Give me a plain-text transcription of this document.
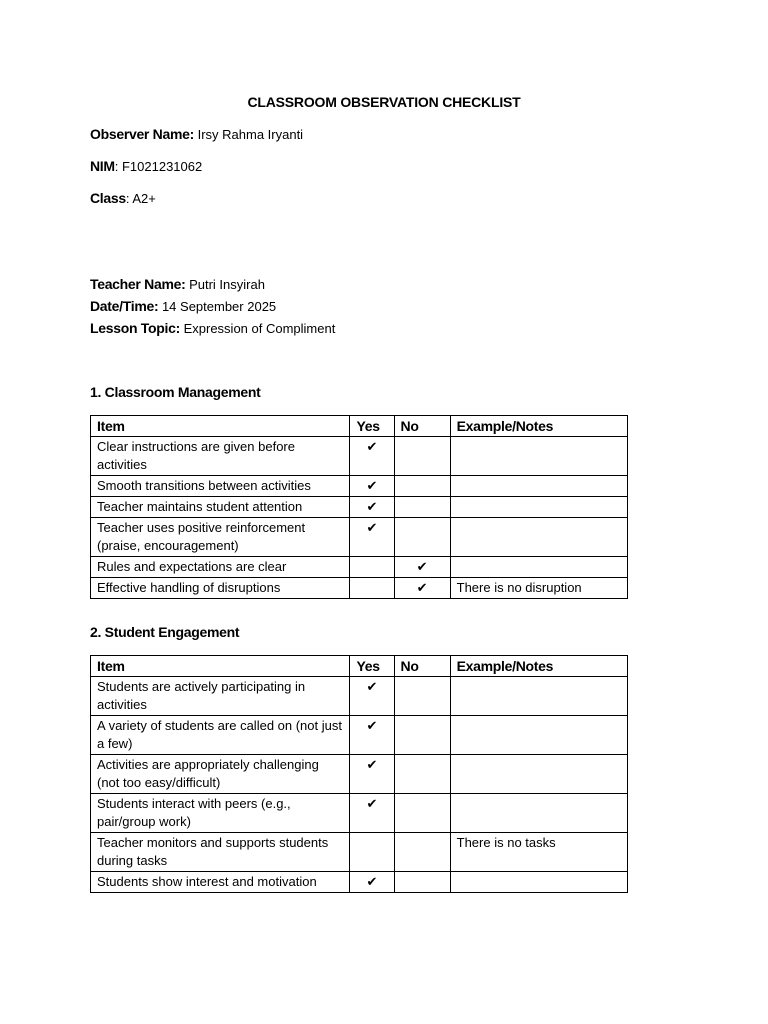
CLASSROOM OBSERVATION CHECKLIST
Observer Name: Irsy Rahma Iryanti
NIM: F1021231062
Class: A2+
Teacher Name: Putri Insyirah
Date/Time: 14 September 2025
Lesson Topic: Expression of Compliment
1. Classroom Management
Item	Yes	No	Example/Notes
Clear instructions are given before activities	✔		
Smooth transitions between activities	✔		
Teacher maintains student attention	✔		
Teacher uses positive reinforcement (praise, encouragement)	✔		
Rules and expectations are clear		✔	
Effective handling of disruptions		✔	There is no disruption
2. Student Engagement
Item	Yes	No	Example/Notes
Students are actively participating in activities	✔		
A variety of students are called on (not just a few)	✔		
Activities are appropriately challenging (not too easy/difficult)	✔		
Students interact with peers (e.g., pair/group work)	✔		
Teacher monitors and supports students during tasks			There is no tasks
Students show interest and motivation	✔		
